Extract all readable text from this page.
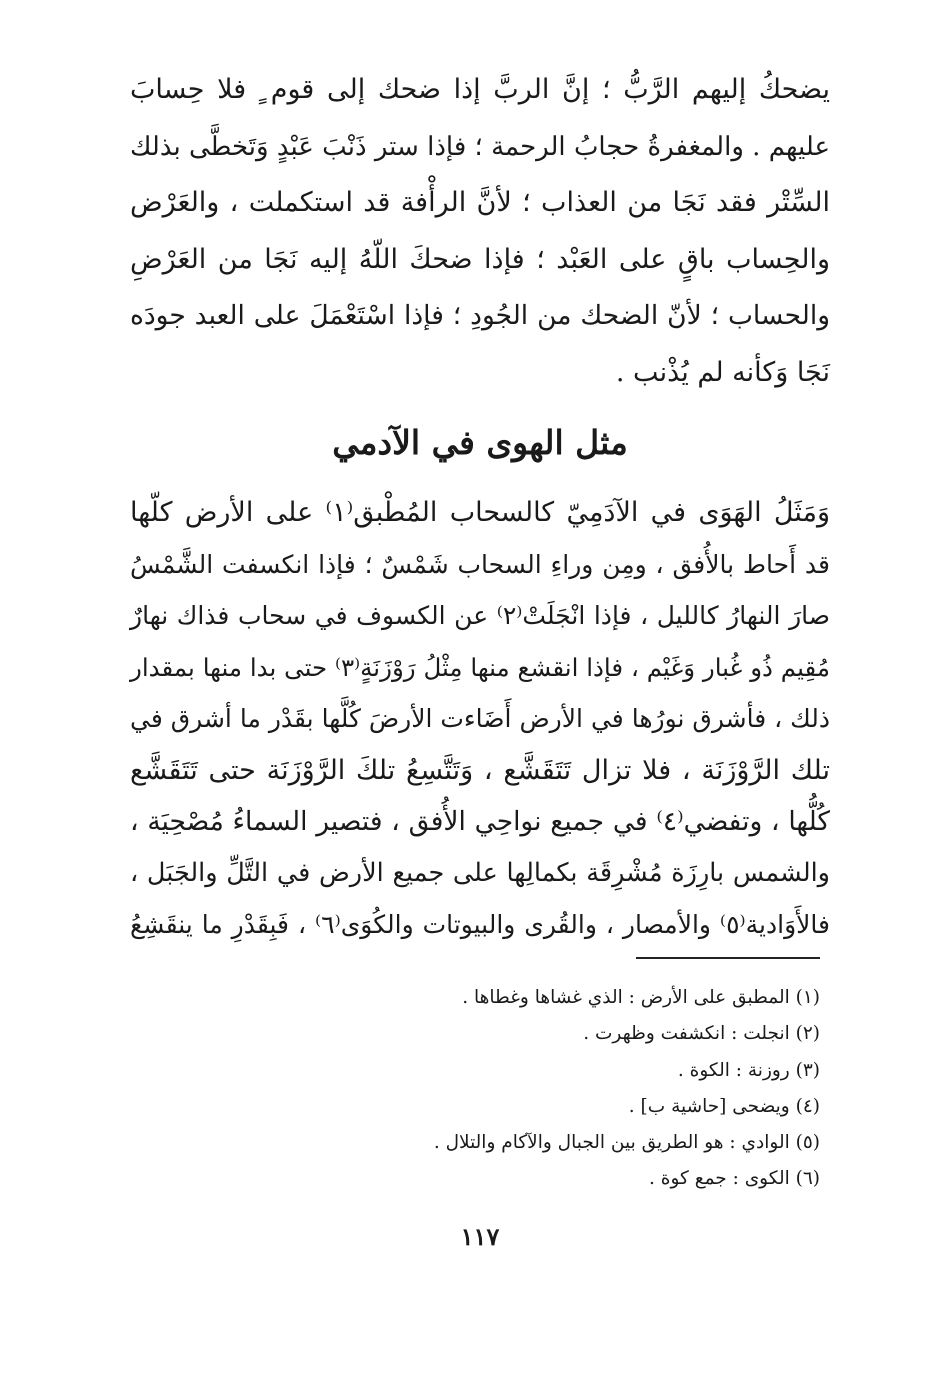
يضحكُ إليهم الرَّبُّ ؛ إنَّ الربَّ إذا ضحك إلى قوم ٍ فلا حِسابَ
عليهم . والمغفرةُ حجابُ الرحمة ؛ فإذا ستر ذَنْبَ عَبْدٍ وَتَخطَّى بذلك
السِّتْر فقد نَجَا من العذاب ؛ لأنَّ الرأْفة قد استكملت ، والعَرْض
والحِساب باقٍ على العَبْد ؛ فإذا ضحكَ اللّهُ إليه نَجَا من العَرْضِ
والحساب ؛ لأنّ الضحك من الجُودِ ؛ فإذا اسْتَعْمَلَ على العبد جودَه
نَجَا وَكأنه لم يُذْنب .
مثل الهوى في الآدمي
وَمَثَلُ الهَوَى في الآدَمِيّ كالسحاب المُطْبق⁽١⁾ على الأرض كلّها
قد أَحاط بالأُفق ، ومِن وراءِ السحاب شَمْسٌ ؛ فإذا انكسفت الشَّمْسُ
صارَ النهارُ كالليل ، فإذا انْجَلَتْ⁽٢⁾ عن الكسوف في سحاب فذاك نهارٌ
مُقِيم ذُو غُبار وَغَيْم ، فإذا انقشع منها مِثْلُ رَوْزَنَةٍ⁽٣⁾ حتى بدا منها بمقدار
ذلك ، فأشرق نورُها في الأرض أَضَاءت الأرضَ كُلَّها بقَدْر ما أشرق في
تلك الرَّوْزَنَة ، فلا تزال تَتَقَشَّع ، وَتَتَّسِعُ تلكَ الرَّوْزَنَة حتى تَتَقَشَّع
كُلُّها ، وتفضي⁽٤⁾ في جميع نواحِي الأُفق ، فتصير السماءُ مُصْحِيَة ،
والشمس بارِزَة مُشْرِقَة بكمالِها على جميع الأرض في التَّلِّ والجَبَل ،
فالأَوَادية⁽٥⁾ والأمصار ، والقُرى والبيوتات والكُوَى⁽٦⁾ ، فَبِقَدْرِ ما ينقَشِعُ
(١) المطبق على الأرض : الذي غشاها وغطاها .
(٢) انجلت : انكشفت وظهرت .
(٣) روزنة : الكوة .
(٤) ويضحى [حاشية ب] .
(٥) الوادي : هو الطريق بين الجبال والآكام والتلال .
(٦) الكوى : جمع كوة .
١١٧
